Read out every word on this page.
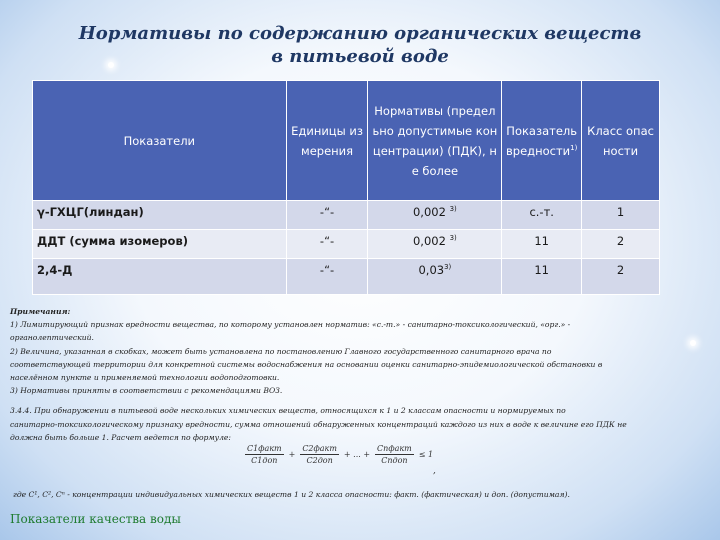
Нормативы по содержанию органических веществ
в питьевой воде
Показатели	Единицы измерения	Нормативы (предельно допустимые концентрации) (ПДК), не более	Показатель вредности$^{1)}$	Класс опасности
γ-ГХЦГ(линдан)	-“-	0,002 $^{3)}$	с.-т.	1
ДДТ (сумма изомеров)	-“-	0,002 $^{3)}$	11	2
2,4-Д	-“-	0,03$^{3)}$	11	2

Примечания:

1) Лимитирующий признак вредности вещества, по которому установлен норматив: «с.-т.» - санитарно-токсикологический, «орг.» -

органолептический.

2) Величина, указанная в скобках, может быть установлена по постановлению Главного государственного санитарного врача по

соответствующей территории для конкретной системы водоснабжения на основании оценки санитарно-эпидемиологической обстановки в

населённом пункте и применяемой технологии водоподготовки.

3) Нормативы приняты в соответствии с рекомендациями ВОЗ.

3.4.4. При обнаружении в питьевой воде нескольких химических веществ, относящихся к 1 и 2 классам опасности и нормируемых по

санитарно-токсикологическому признаку вредности, сумма отношений обнаруженных концентраций каждого из них в воде к величине его ПДК не

должна быть больше 1. Расчет ведется по формуле:

$\frac{\text{C1факт}}{\text{C1доп}} + \frac{\text{C2факт}}{\text{C2доп}}$ + ... + $\frac{\text{Cnфакт}}{\text{Cnдоп}} \le 1$
,
где C¹, C², Cⁿ - концентрации индивидуальных химических веществ 1 и 2 класса опасности: факт. (фактическая) и доп. (допустимая).
Показатели качества воды
